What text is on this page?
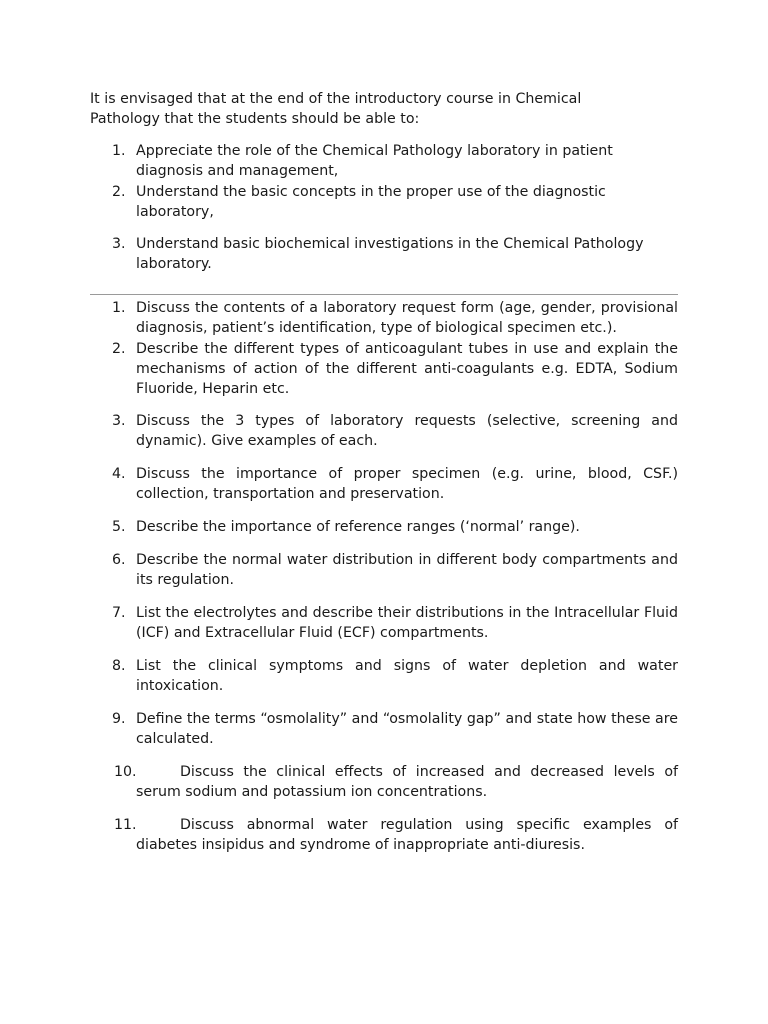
It is envisaged that at the end of the introductory course in Chemical Pathology that the students should be able to:

1. Appreciate the role of the Chemical Pathology laboratory in patient diagnosis and management,
2. Understand the basic concepts in the proper use of the diagnostic laboratory,
3. Understand basic biochemical investigations in the Chemical Pathology laboratory.
1. Discuss the contents of a laboratory request form (age, gender, provisional diagnosis, patient’s identification, type of biological specimen etc.).
2. Describe the different types of anticoagulant tubes in use and explain the mechanisms of action of the different anti-coagulants e.g. EDTA, Sodium Fluoride, Heparin etc.
3. Discuss the 3 types of laboratory requests (selective, screening and dynamic). Give examples of each.
4. Discuss the importance of proper specimen (e.g. urine, blood, CSF.) collection, transportation and preservation.
5. Describe the importance of reference ranges (‘normal’ range).
6. Describe the normal water distribution in different body compartments and its regulation.
7. List the electrolytes and describe their distributions in the Intracellular Fluid (ICF) and Extracellular Fluid (ECF) compartments.
8. List the clinical symptoms and signs of water depletion and water intoxication.
9. Define the terms “osmolality” and “osmolality gap” and state how these are calculated.
10.	Discuss the clinical effects of increased and decreased levels of serum sodium and potassium ion concentrations.
11.	Discuss abnormal water regulation using specific examples of diabetes insipidus and syndrome of inappropriate anti-diuresis.
